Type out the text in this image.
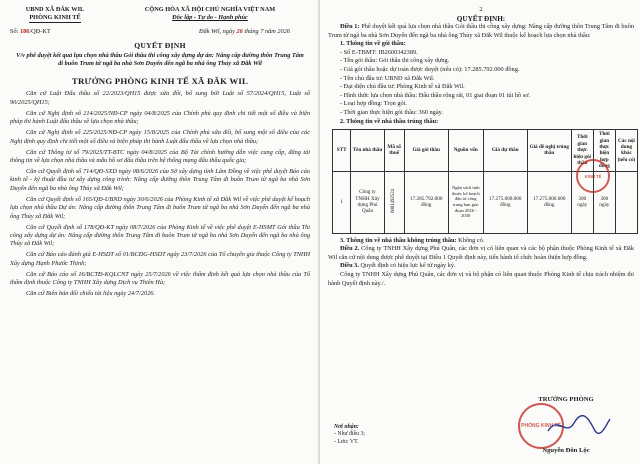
UBND XÃ ĐĂK WIL
PHÒNG KINH TẾ
CỘNG HÒA XÃ HỘI CHỦ NGHĨA VIỆT NAM
Độc lập - Tự do - Hạnh phúc
Số: 186/QĐ-KT	Đăk Wil, ngày 26 tháng 7 năm 2026
QUYẾT ĐỊNH
V/v phê duyệt kết quả lựa chọn nhà thầu Gói thầu thi công xây dựng dự án: Nâng cấp đường thôn Trung Tâm đi buôn Trum từ ngã ba nhà Sơn Duyến đến ngã ba nhà ông Thủy xã Đăk Wil
TRƯỞNG PHÒNG KINH TẾ XÃ ĐĂK WIL

Căn cứ Luật Đấu thầu số 22/2023/QH15 được sửa đổi, bổ sung bởi Luật số 57/2024/QH15, Luật số 90/2025/QH15;

Căn cứ Nghị định số 214/2025/NĐ-CP ngày 04/8/2025 của Chính phủ quy định chi tiết một số điều và biện pháp thi hành Luật đấu thầu về lựa chọn nhà thầu;

Căn cứ Nghị định số 225/2025/NĐ-CP ngày 15/8/2025 của Chính phủ sửa đổi, bổ sung một số điều của các Nghị định quy định chi tiết một số điều và biện pháp thi hành Luật đấu thầu về lựa chọn nhà thầu;

Căn cứ Thông tư số 79/2025/TT-BTC ngày 04/8/2025 của Bộ Tài chính hướng dẫn việc cung cấp, đăng tải thông tin về lựa chọn nhà thầu và mẫu hồ sơ đấu thầu trên hệ thống mạng đấu thầu quốc gia;

Căn cứ Quyết định số 714/QĐ-SXD ngày 08/6/2026 của Sở xây dựng tỉnh Lâm Đồng về việc phê duyệt Báo cáo kinh tế - kỹ thuật đầu tư xây dựng công trình: Nâng cấp đường thôn Trung Tâm đi buôn Trum từ ngã ba nhà Sơn Duyến đến ngã ba nhà ông Thủy xã Đăk Wil;

Căn cứ Quyết định số 165/QĐ-UBND ngày 30/6/2026 của Phòng Kinh tế xã Đăk Wil về việc phê duyệt kế hoạch lựa chọn nhà thầu Dự án: Nâng cấp đường thôn Trung Tâm đi buôn Trum từ ngã ba nhà Sơn Duyến đến ngã ba nhà ông Thủy xã Đăk Wil;

Căn cứ Quyết định số 178/QĐ-KT ngày 08/7/2026 của Phòng Kinh tế về việc phê duyệt E-HSMT Gói thầu Thi công xây dựng dự án: Nâng cấp đường thôn Trung Tâm đi buôn Trum từ ngã ba nhà Sơn Duyến đến ngã ba nhà ông Thủy xã Đăk Wil;

Căn cứ Báo cáo đánh giá E-HSDT số 01/BCĐG-HSDT ngày 23/7/2026 của Tổ chuyên gia thuộc Công ty TNHH Xây dựng Hạnh Phước Thịnh;

Căn cứ Báo cáo số 16/BCTĐ-KQLCNT ngày 25/7/2026 về việc thẩm định kết quả lựa chọn nhà thầu của Tổ thẩm định thuộc Công ty TNHH Xây dựng Dịch vụ Thiên Hà;

Căn cứ Biên bản đối chiếu tài liệu ngày 24/7/2026.

2
QUYẾT ĐỊNH:

Điều 1: Phê duyệt kết quả lựa chọn nhà thầu Gói thầu thi công xây dựng: Nâng cấp đường thôn Trung Tâm đi buôn Trum từ ngã ba nhà Sơn Duyến đến ngã ba nhà ông Thủy xã Đăk Wil thuộc kế hoạch lựa chọn nhà thầu:

1. Thông tin về gói thầu:

- Số E-TBMT: IB2600342389.

- Tên gói thầu: Gói thầu thi công xây dựng.

- Giá gói thầu hoặc dự toán được duyệt (nếu có): 17.285.792.000 đồng.

- Tên chủ đầu tư: UBND xã Đăk Wil.

- Đại diện chủ đầu tư: Phòng Kinh tế xã Đăk Wil.

- Hình thức lựa chọn nhà thầu: Đấu thầu rộng rãi, 01 giai đoạn 01 túi hồ sơ.

- Loại hợp đồng: Trọn gói.

- Thời gian thực hiện gói thầu: 360 ngày.

2. Thông tin về nhà thầu trúng thầu:

STT	Tên nhà thầu	Mã số thuế	Giá gói thầu	Nguồn vốn	Giá dự thầu	Giá đề nghị trúng thầu	Thời gian thực hiện gói thầu	Thời gian thực hiện hợp đồng	Các nội dung khác (nếu có)
1	Công ty TNHH Xây dựng Phú Quân	6001492524	17.285.792.000 đồng	Ngân sách tỉnh thuộc kế hoạch đầu tư công trung hạn giai đoạn 2026 - 2030	17.275.000.000 đồng	17.275.000.000 đồng	300 ngày	300 ngày	
KINH TẾ

3. Thông tin về nhà thầu không trúng thầu: Không có.

Điều 2. Công ty TNHH Xây dựng Phú Quân, các đơn vị có liên quan và các bộ phận thuộc Phòng Kinh tế xã Đăk Wil căn cứ nội dung được phê duyệt tại Điều 1 Quyết định này, tiến hành tổ chức hoàn thiện hợp đồng.

Điều 3. Quyết định có hiệu lực kể từ ngày ký.

Công ty TNHH Xây dựng Phú Quân, các đơn vị và bộ phận có liên quan thuộc Phòng Kinh tế chịu trách nhiệm thi hành Quyết định này./.

Nơi nhận:
- Như điều 3;
- Lưu: VT.
TRƯỞNG PHÒNG
PHÒNG KINH TẾ
Nguyễn Đôn Lộc
